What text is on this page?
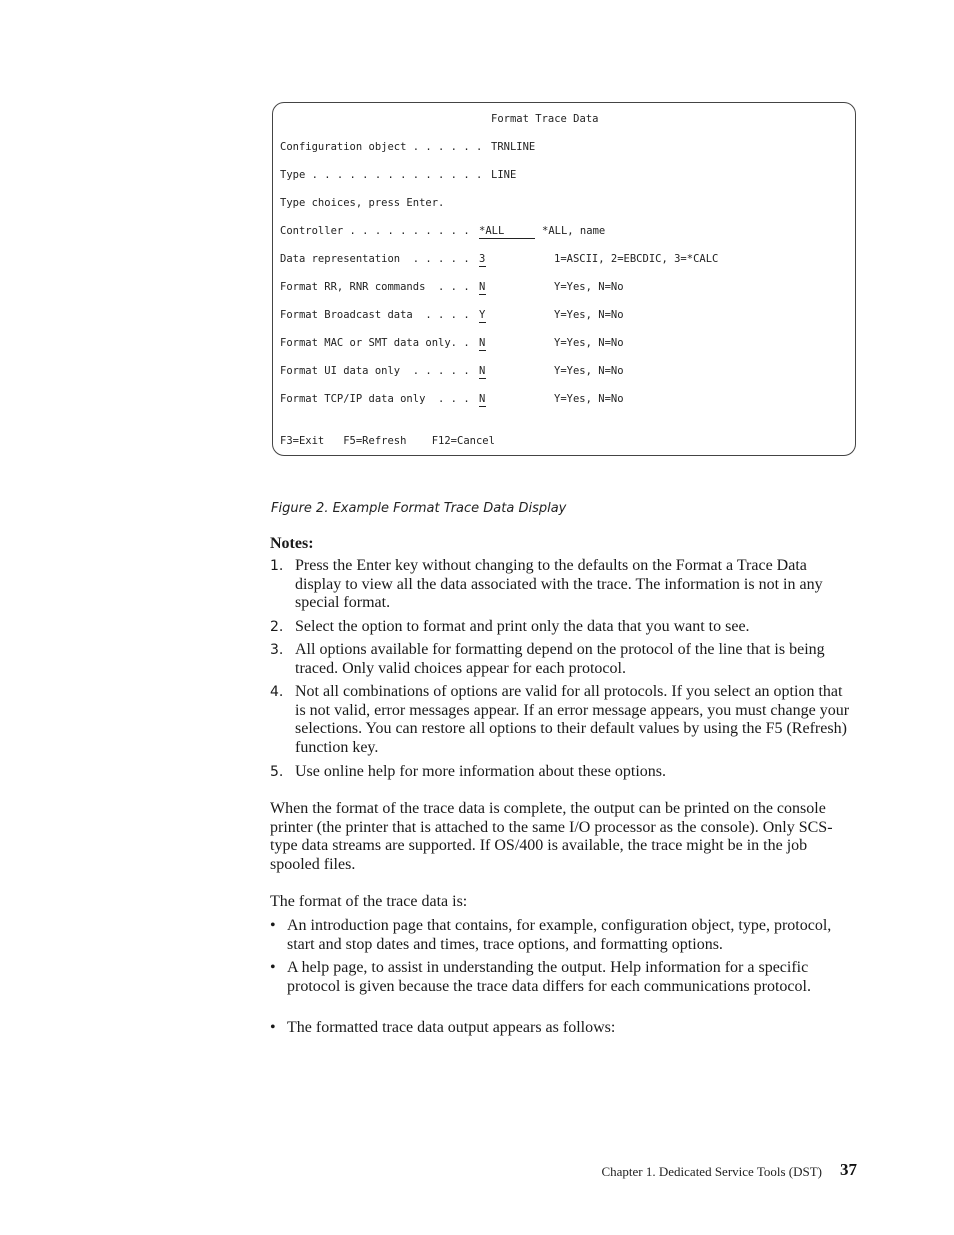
Format Trace Data
Configuration object . . . . . . TRNLINE
Type . . . . . . . . . . . . . . LINE
Type choices, press Enter.
Controller . . . . . . . . . . *ALL	*ALL, name
Data representation  . . . . . 3	1=ASCII, 2=EBCDIC, 3=*CALC
Format RR, RNR commands  . . . N	Y=Yes, N=No
Format Broadcast data  . . . . Y	Y=Yes, N=No
Format MAC or SMT data only. . N	Y=Yes, N=No
Format UI data only  . . . . . N	Y=Yes, N=No
Format TCP/IP data only  . . . N	Y=Yes, N=No
F3=Exit   F5=Refresh    F12=Cancel
Figure 2. Example Format Trace Data Display
Notes:
1. Press the Enter key without changing to the defaults on the Format a Trace Data display to view all the data associated with the trace. The information is not in any special format.
2. Select the option to format and print only the data that you want to see.
3. All options available for formatting depend on the protocol of the line that is being traced. Only valid choices appear for each protocol.
4. Not all combinations of options are valid for all protocols. If you select an option that is not valid, error messages appear. If an error message appears, you must change your selections. You can restore all options to their default values by using the F5 (Refresh) function key.
5. Use online help for more information about these options.
When the format of the trace data is complete, the output can be printed on the console printer (the printer that is attached to the same I/O processor as the console). Only SCS-type data streams are supported. If OS/400 is available, the trace might be in the job spooled files.
The format of the trace data is:
• An introduction page that contains, for example, configuration object, type, protocol, start and stop dates and times, trace options, and formatting options.
• A help page, to assist in understanding the output. Help information for a specific protocol is given because the trace data differs for each communications protocol.
• The formatted trace data output appears as follows:
Chapter 1. Dedicated Service Tools (DST) 37
